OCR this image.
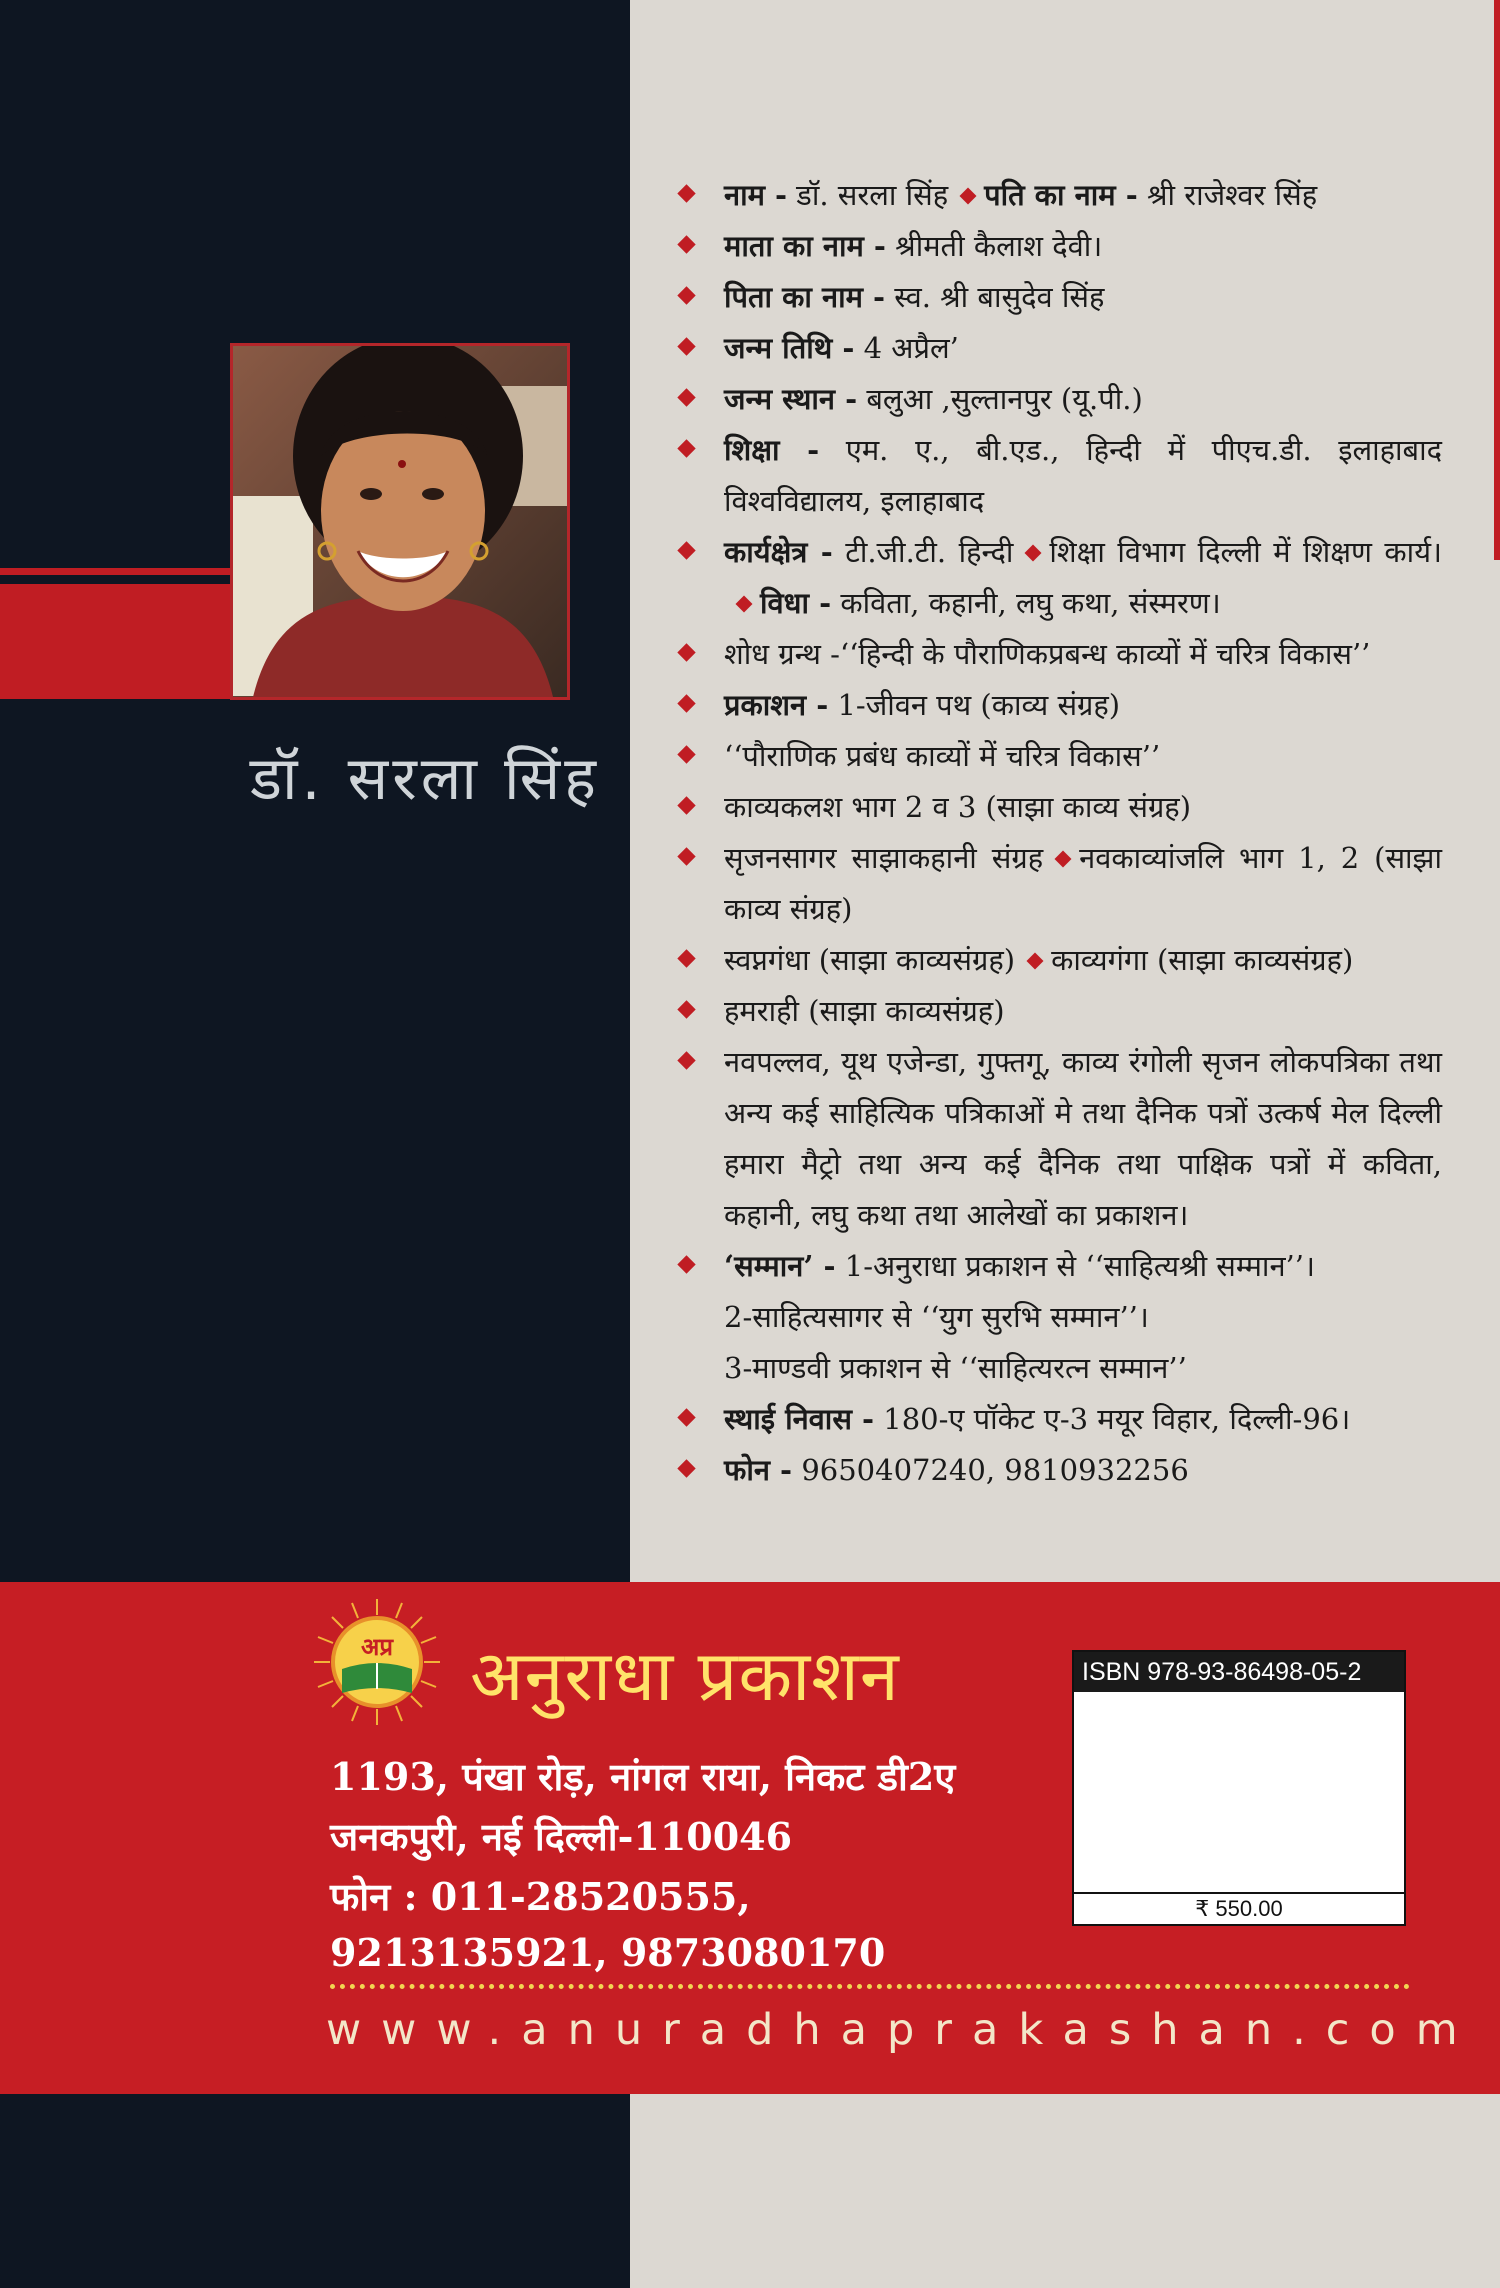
डॉ. सरला सिंह
नाम - डॉ. सरला सिंह पति का नाम - श्री राजेश्वर सिंह
माता का नाम - श्रीमती कैलाश देवी।
पिता का नाम - स्व. श्री बासुदेव सिंह
जन्म तिथि - 4 अप्रैल’
जन्म स्थान - बलुआ ,सुल्तानपुर (यू.पी.)
शिक्षा - एम. ए., बी.एड., हिन्दी में पीएच.डी. इलाहाबाद विश्वविद्यालय, इलाहाबाद
कार्यक्षेत्र - टी.जी.टी. हिन्दी शिक्षा विभाग दिल्ली में शिक्षण कार्य।विधा - कविता, कहानी, लघु कथा, संस्मरण।
शोध ग्रन्थ -‘‘हिन्दी के पौराणिकप्रबन्ध काव्यों में चरित्र विकास’’
प्रकाशन - 1-जीवन पथ (काव्य संग्रह)
‘‘पौराणिक प्रबंध काव्यों में चरित्र विकास’’
काव्यकलश भाग 2 व 3 (साझा काव्य संग्रह)
सृजनसागर साझाकहानी संग्रह नवकाव्यांजलि भाग 1, 2 (साझा काव्य संग्रह)
स्वप्नगंधा (साझा काव्यसंग्रह) काव्यगंगा (साझा काव्यसंग्रह)
हमराही (साझा काव्यसंग्रह)
नवपल्लव, यूथ एजेन्डा, गुफ्तगू, काव्य रंगोली सृजन लोकपत्रिका तथा अन्य कई साहित्यिक पत्रिकाओं मे तथा दैनिक पत्रों उत्कर्ष मेल दिल्ली हमारा मैट्रो तथा अन्य कई दैनिक तथा पाक्षिक पत्रों में कविता, कहानी, लघु कथा तथा आलेखों का प्रकाशन।
‘सम्मान’ - 1-अनुराधा प्रकाशन से ‘‘साहित्यश्री सम्मान’’।
2-साहित्यसागर से ‘‘युग सुरभि सम्मान’’।
3-माण्डवी प्रकाशन से ‘‘साहित्यरत्न सम्मान’’
स्थाई निवास - 180-ए पॉकेट ए-3 मयूर विहार, दिल्ली-96।
फोन - 9650407240, 9810932256
अप्र अनुराधा प्रकाशन
1193, पंखा रोड़, नांगल राया, निकट डी2ए
जनकपुरी, नई दिल्ली-110046
फोन : 011-28520555,
9213135921, 9873080170
www.anuradhaprakashan.com
ISBN 978-93-86498-05-2
₹ 550.00
